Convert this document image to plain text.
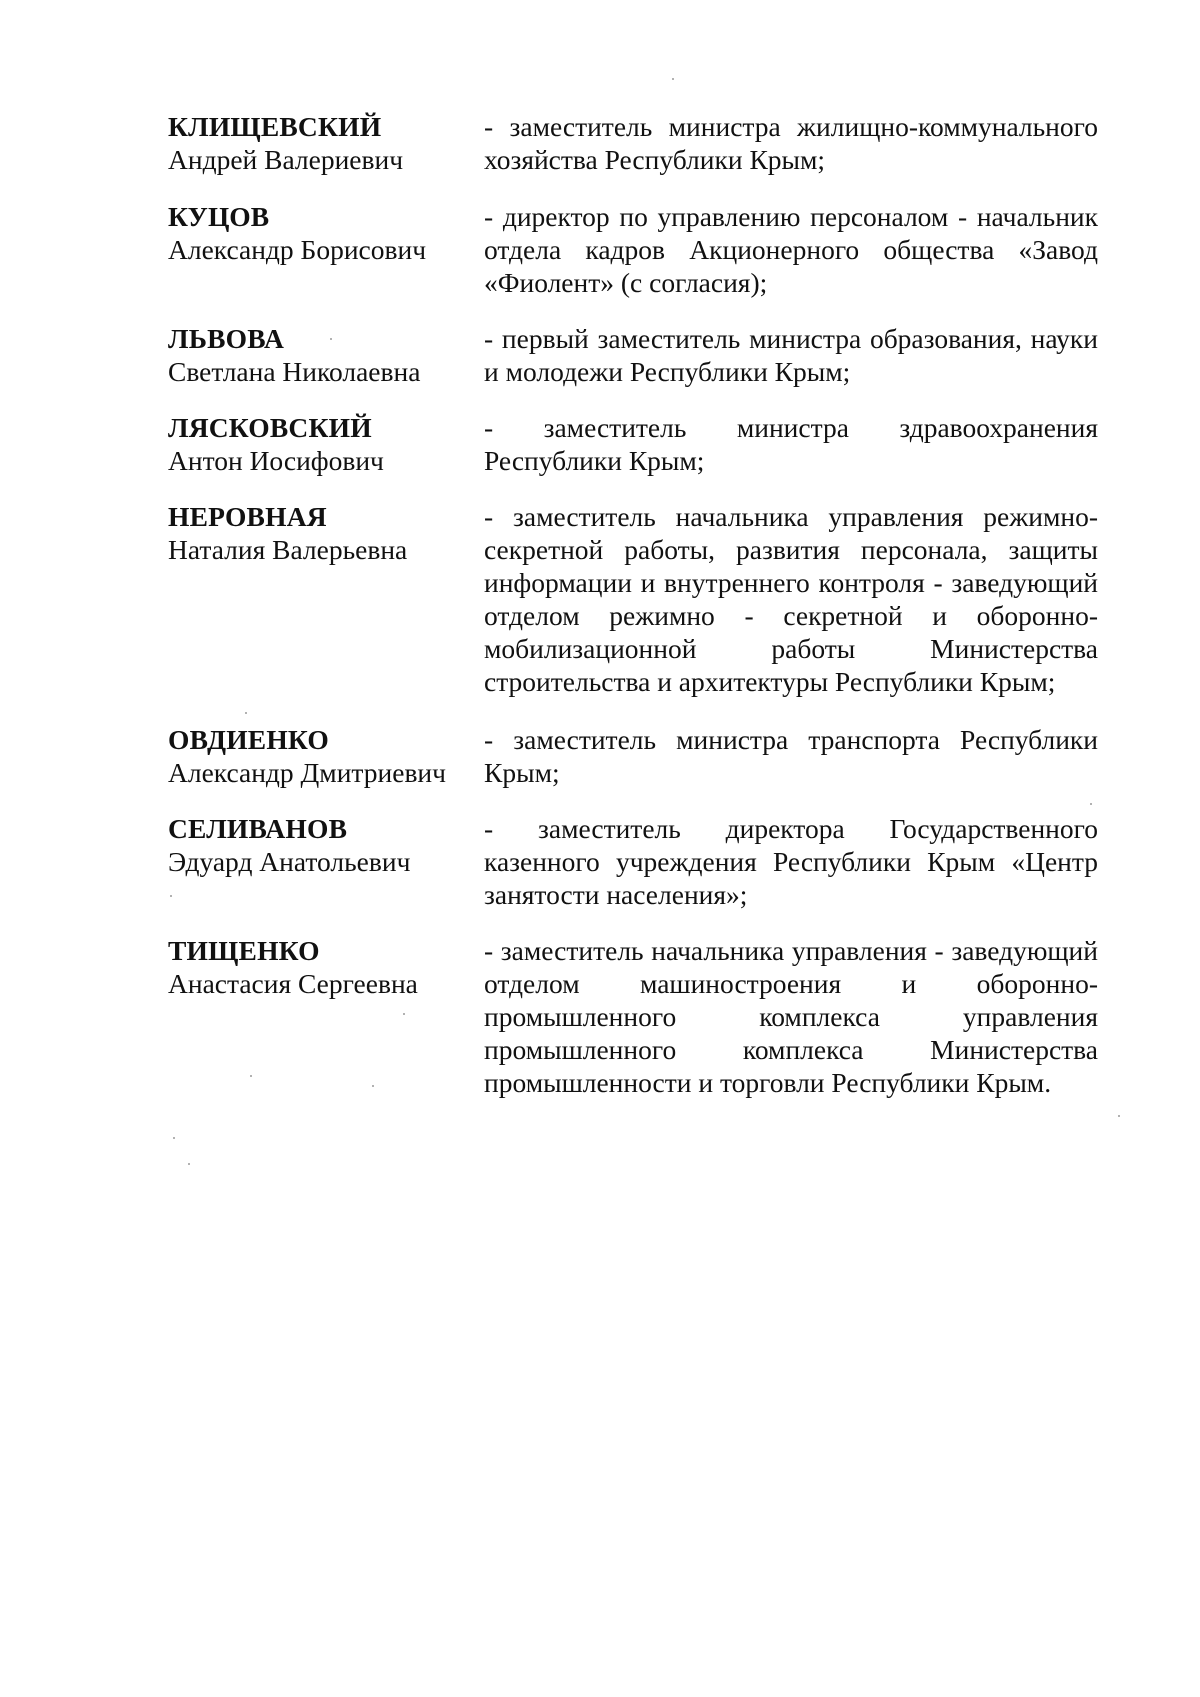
КЛИЩЕВСКИЙ
Андрей Валериевич
- заместитель министра жилищно-коммунального хозяйства Республики Крым;
КУЦОВ
Александр Борисович
- директор по управлению персоналом - начальник отдела кадров Акционерного общества «Завод «Фиолент» (с согласия);
ЛЬВОВА
Светлана Николаевна
- первый заместитель министра образования, науки и молодежи Республики Крым;
ЛЯСКОВСКИЙ
Антон Иосифович
- заместитель министра здравоохранения Республики Крым;
НЕРОВНАЯ
Наталия Валерьевна
- заместитель начальника управления режимно-секретной работы, развития персонала, защиты информации и внутреннего контроля - заведующий отделом режимно - секретной и оборонно-мобилизационной работы Министерства строительства и архитектуры Республики Крым;
ОВДИЕНКО
Александр Дмитриевич
- заместитель министра транспорта Республики Крым;
СЕЛИВАНОВ
Эдуард Анатольевич
- заместитель директора Государственного казенного учреждения Республики Крым «Центр занятости населения»;
ТИЩЕНКО
Анастасия Сергеевна
- заместитель начальника управления - заведующий отделом машиностроения и оборонно-промышленного комплекса управления промышленного комплекса Министерства промышленности и торговли Республики Крым.
